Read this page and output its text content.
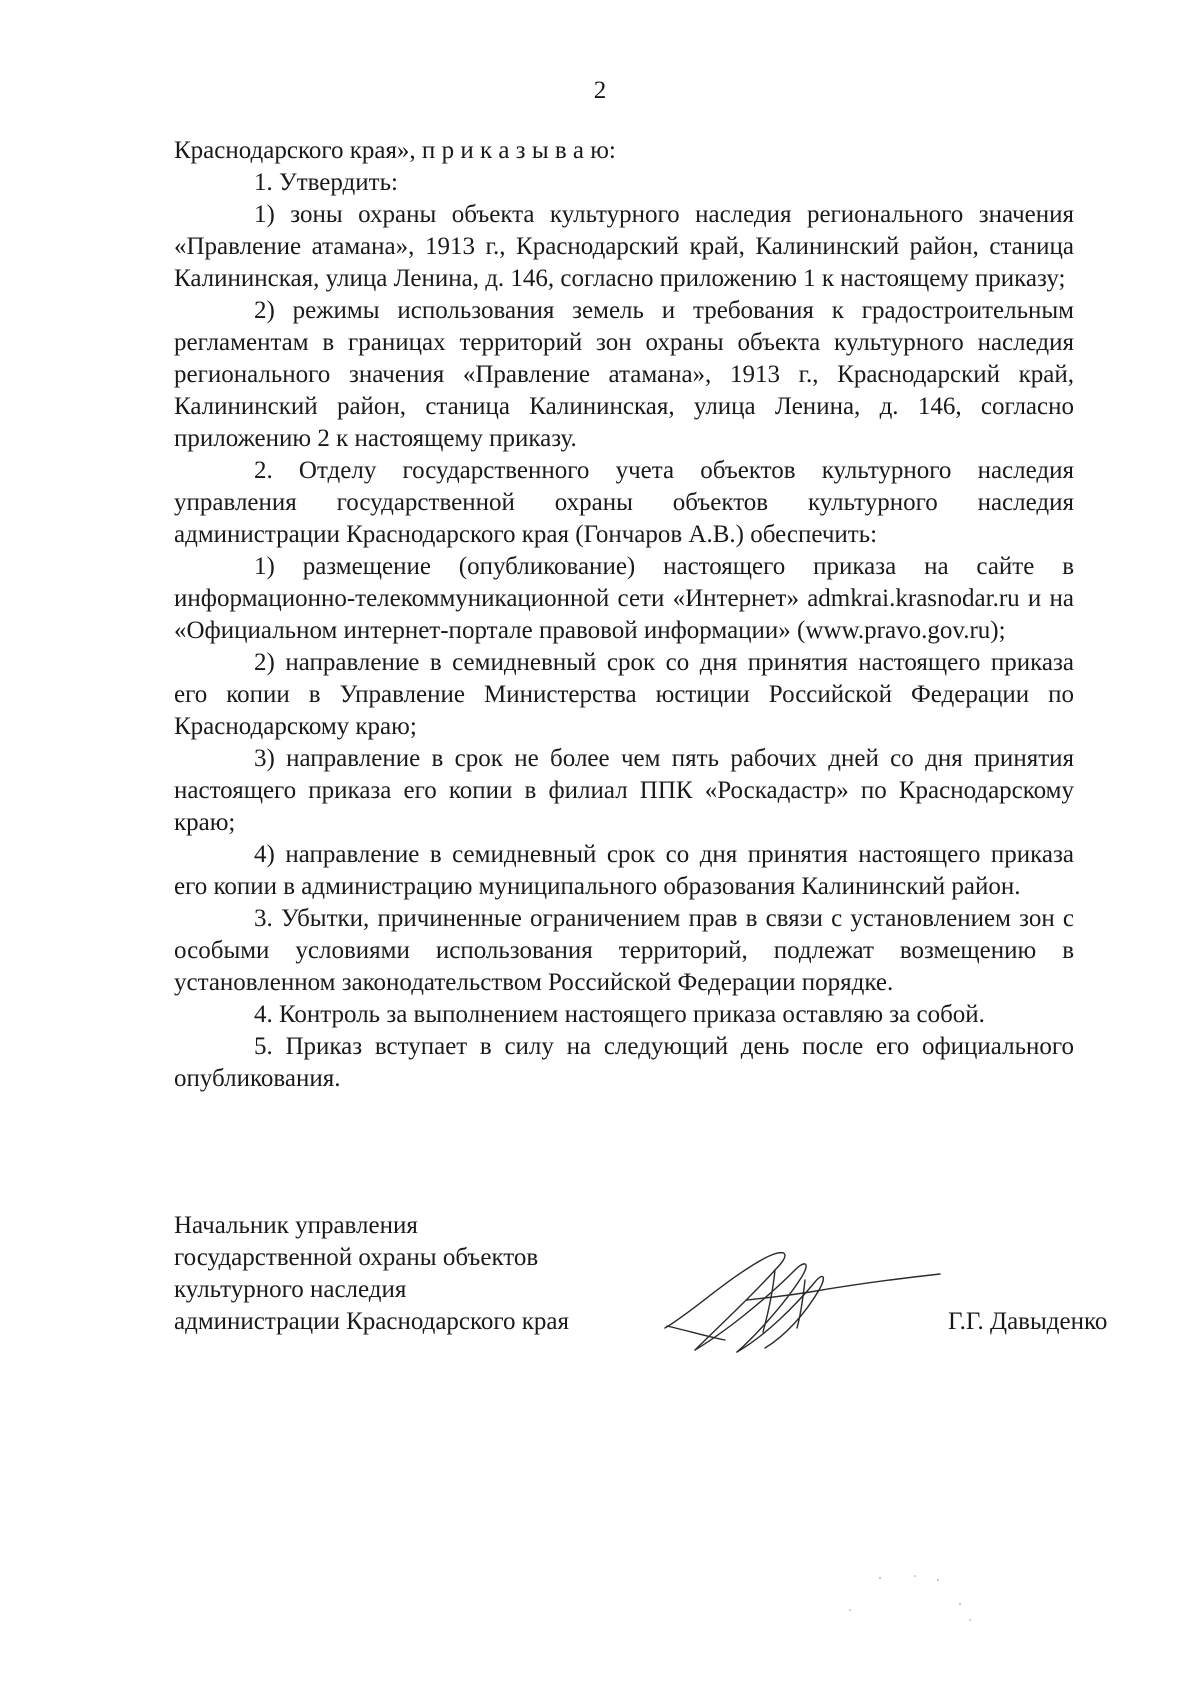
2

Краснодарского края», п р и к а з ы в а ю:

1. Утвердить:

1) зоны охраны объекта культурного наследия регионального значения «Правление атамана», 1913 г., Краснодарский край, Калининский район, станица Калининская, улица Ленина, д. 146, согласно приложению 1 к настоящему приказу;

2) режимы использования земель и требования к градостроительным регламентам в границах территорий зон охраны объекта культурного наследия регионального значения «Правление атамана», 1913 г., Краснодарский край, Калининский район, станица Калининская, улица Ленина, д. 146, согласно приложению 2 к настоящему приказу.

2. Отделу государственного учета объектов культурного наследия управления государственной охраны объектов культурного наследия администрации Краснодарского края (Гончаров А.В.) обеспечить:

1) размещение (опубликование) настоящего приказа на сайте в информационно-телекоммуникационной сети «Интернет» admkrai.krasnodar.ru и на «Официальном интернет-портале правовой информации» (www.pravo.gov.ru);

2) направление в семидневный срок со дня принятия настоящего приказа его копии в Управление Министерства юстиции Российской Федерации по Краснодарскому краю;

3) направление в срок не более чем пять рабочих дней со дня принятия настоящего приказа его копии в филиал ППК «Роскадастр» по Краснодарскому краю;

4) направление в семидневный срок со дня принятия настоящего приказа его копии в администрацию муниципального образования Калининский район.

3. Убытки, причиненные ограничением прав в связи с установлением зон с особыми условиями использования территорий, подлежат возмещению в установленном законодательством Российской Федерации порядке.

4. Контроль за выполнением настоящего приказа оставляю за собой.

5. Приказ вступает в силу на следующий день после его официального опубликования.

Начальник управления
государственной охраны объектов
культурного наследия
администрации Краснодарского края	Г.Г. Давыденко
